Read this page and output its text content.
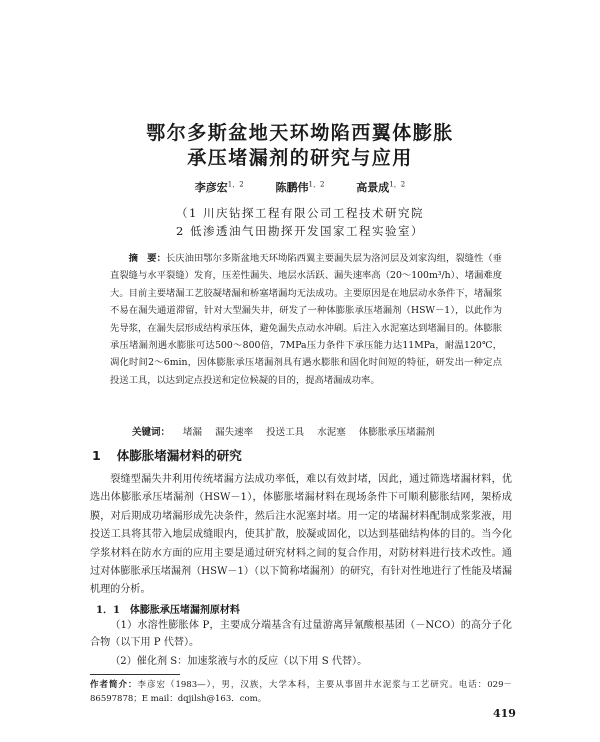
鄂尔多斯盆地天环坳陷西翼体膨胀
承压堵漏剂的研究与应用
李彦宏$^{1,2}$	陈鹏伟$^{1,2}$	高景成$^{1,2}$
（1 川庆钻探工程有限公司工程技术研究院
2 低渗透油气田勘探开发国家工程实验室）

摘　要：长庆油田鄂尔多斯盆地天环坳陷西翼主要漏失层为洛河层及刘家沟组，裂缝性（垂直裂缝与水平裂缝）发育，压差性漏失、地层水活跃、漏失速率高（20～100m³/h）、堵漏难度大。目前主要堵漏工艺胶凝堵漏和桥塞堵漏均无法成功。主要原因是在地层动水条件下，堵漏浆不易在漏失通道滞留，针对大型漏失井，研发了一种体膨胀承压堵漏剂（HSW－1），以此作为先导浆，在漏失层形成结构承压体，避免漏失点动水冲刷。后注入水泥塞达到堵漏目的。体膨胀承压堵漏剂遇水膨胀可达500～800倍，7MPa压力条件下承压能力达11MPa，耐温120℃，凋化时间2～6min，因体膨胀承压堵漏剂具有遇水膨胀和固化时间短的特征，研发出一种定点投送工具，以达到定点投送和定位候凝的目的，提高堵漏成功率。

关键词： 堵漏 漏失速率 投送工具 水泥塞 体膨胀承压堵漏剂
1 体膨胀堵漏材料的研究

裂缝型漏失井利用传统堵漏方法成功率低，难以有效封堵，因此，通过筛选堵漏材料，优选出体膨胀承压堵漏剂（HSW－1），体膨胀堵漏材料在现场条件下可顺利膨胀结网，架桥成膜，对后期成功堵漏形成先决条件，然后注水泥塞封堵。用一定的堵漏材料配制成浆浆液，用投送工具将其带入地层成缝眼内，使其扩散，胶凝或固化，以达到基础结构体的目的。当今化学浆材料在防水方面的应用主要是通过研究材料之间的复合作用，对防材料进行技术改性。通过对体膨胀承压堵漏剂（HSW－1）（以下简称堵漏剂）的研究，有针对性地进行了性能及堵漏机理的分析。

1．1 体膨胀承压堵漏剂原材料

（1）水溶性膨胀体 P，主要成分端基含有过量游离异氰酸根基团（－NCO）的高分子化合物（以下用 P 代替）。

（2）催化剂 S：加速浆液与水的反应（以下用 S 代替）。

作者简介：李彦宏（1983—），男，汉族，大学本科，主要从事固井水泥浆与工艺研究。电话：029－86597878；E mail：dqjilsh@163．com。
419
